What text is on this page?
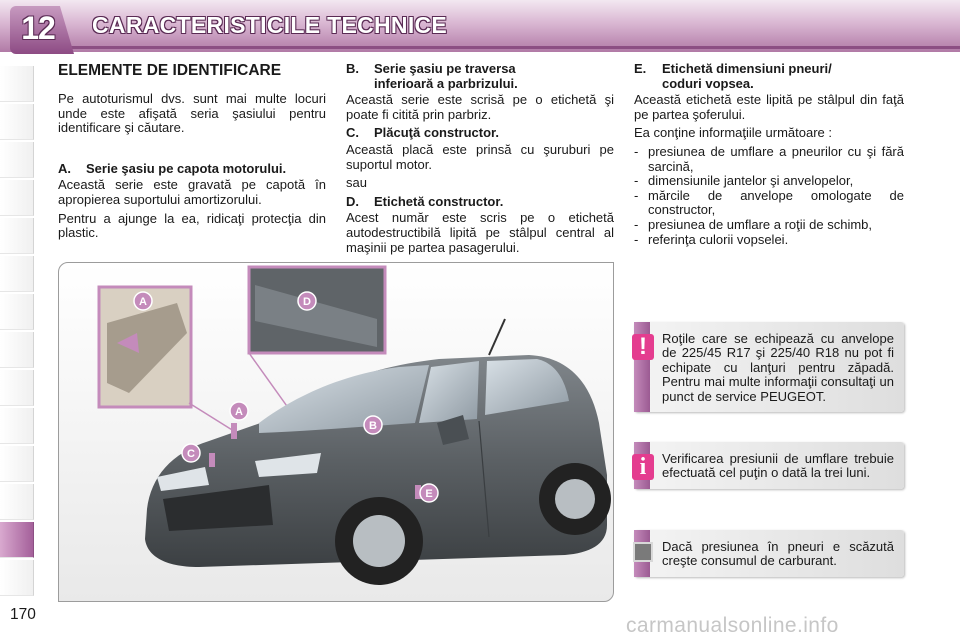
12	CARACTERISTICILE TECHNICE
ELEMENTE DE IDENTIFICARE

Pe autoturismul dvs. sunt mai multe locuri unde este afişată seria şasiului pentru identificare şi căutare.

A. Serie şasiu pe capota motorului.

Această serie este gravată pe capotă în apropierea suportului amortizorului.

Pentru a ajunge la ea, ridicaţi protecţia din plastic.

B. Serie şasiu pe traversa
inferioară a parbrizului.

Această serie este scrisă pe o etichetă şi poate fi citită prin parbriz.

C. Plăcuţă constructor.

Această placă este prinsă cu şuruburi pe suportul motor.

sau

D. Etichetă constructor.

Acest număr este scris pe o etichetă autodestructibilă lipită pe stâlpul central al maşinii pe partea pasagerului.

E. Etichetă dimensiuni pneuri/
coduri vopsea.

Această etichetă este lipită pe stâlpul din faţă pe partea şoferului.

Ea conţine informaţiile următoare :

- presiunea de umflare a pneurilor cu şi fără sarcină,
- dimensiunile jantelor şi anvelopelor,
- mărcile de anvelope omologate de constructor,
- presiunea de umflare a roţii de schimb,
- referinţa culorii vopselei.
A
A
B
C
D
E
!	Roţile care se echipează cu anvelope de 225/45 R17 şi 225/40 R18 nu pot fi echipate cu lanţuri pentru zăpadă. Pentru mai multe informaţii consultaţi un punct de service PEUGEOT.
i	Verificarea presiunii de umflare trebuie efectuată cel puţin o dată la trei luni.
Dacă presiunea în pneuri e scăzută creşte consumul de carburant.
170	carmanualsonline.info
